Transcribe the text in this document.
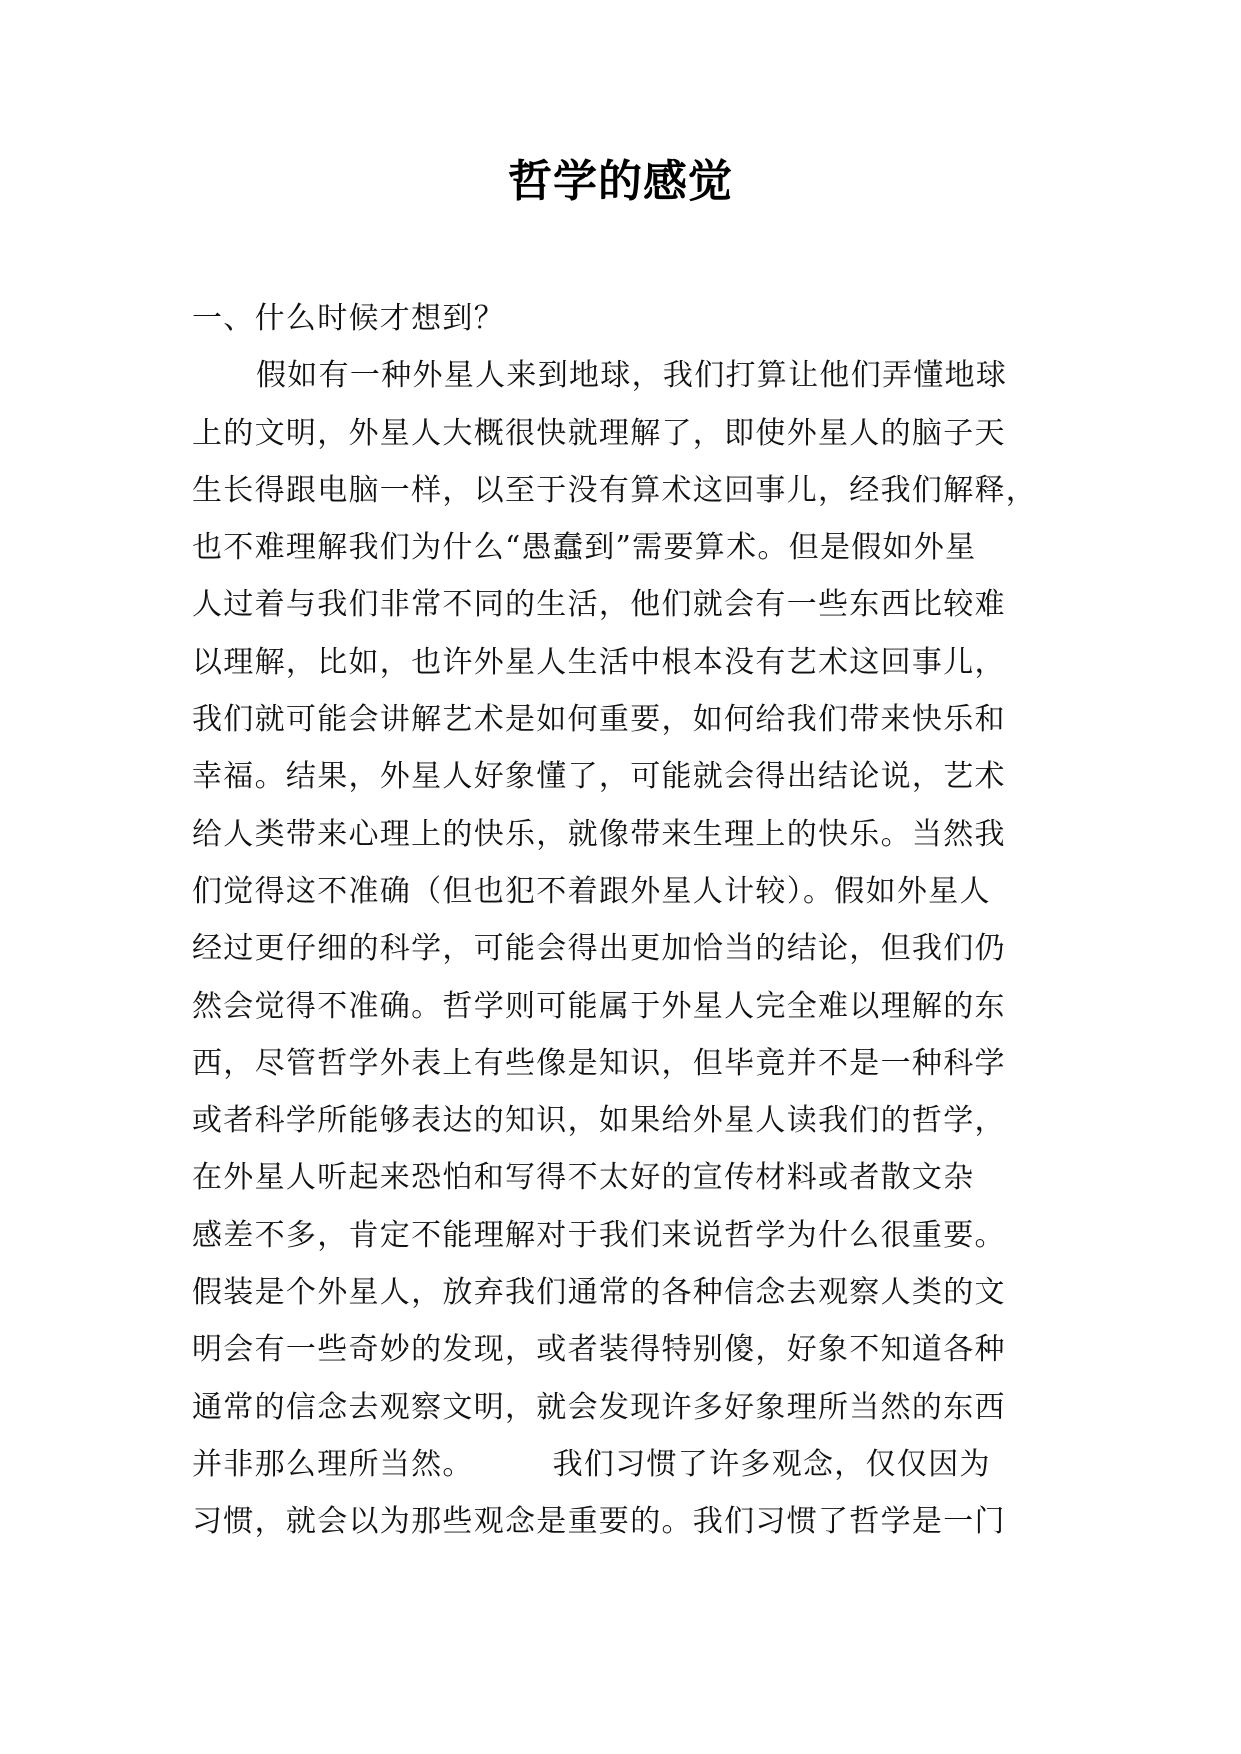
哲学的感觉
一、什么时候才想到？
假如有一种外星人来到地球，我们打算让他们弄懂地球
上的文明，外星人大概很快就理解了，即使外星人的脑子天
生长得跟电脑一样，以至于没有算术这回事儿，经我们解释，
也不难理解我们为什么“愚蠢到”需要算术。但是假如外星
人过着与我们非常不同的生活，他们就会有一些东西比较难
以理解，比如，也许外星人生活中根本没有艺术这回事儿，
我们就可能会讲解艺术是如何重要，如何给我们带来快乐和
幸福。结果，外星人好象懂了，可能就会得出结论说，艺术
给人类带来心理上的快乐，就像带来生理上的快乐。当然我
们觉得这不准确（但也犯不着跟外星人计较）。假如外星人
经过更仔细的科学，可能会得出更加恰当的结论，但我们仍
然会觉得不准确。哲学则可能属于外星人完全难以理解的东
西，尽管哲学外表上有些像是知识，但毕竟并不是一种科学
或者科学所能够表达的知识，如果给外星人读我们的哲学，
在外星人听起来恐怕和写得不太好的宣传材料或者散文杂
感差不多，肯定不能理解对于我们来说哲学为什么很重要。
假装是个外星人，放弃我们通常的各种信念去观察人类的文
明会有一些奇妙的发现，或者装得特别傻，好象不知道各种
通常的信念去观察文明，就会发现许多好象理所当然的东西
并非那么理所当然。　　　我们习惯了许多观念，仅仅因为
习惯，就会以为那些观念是重要的。我们习惯了哲学是一门
